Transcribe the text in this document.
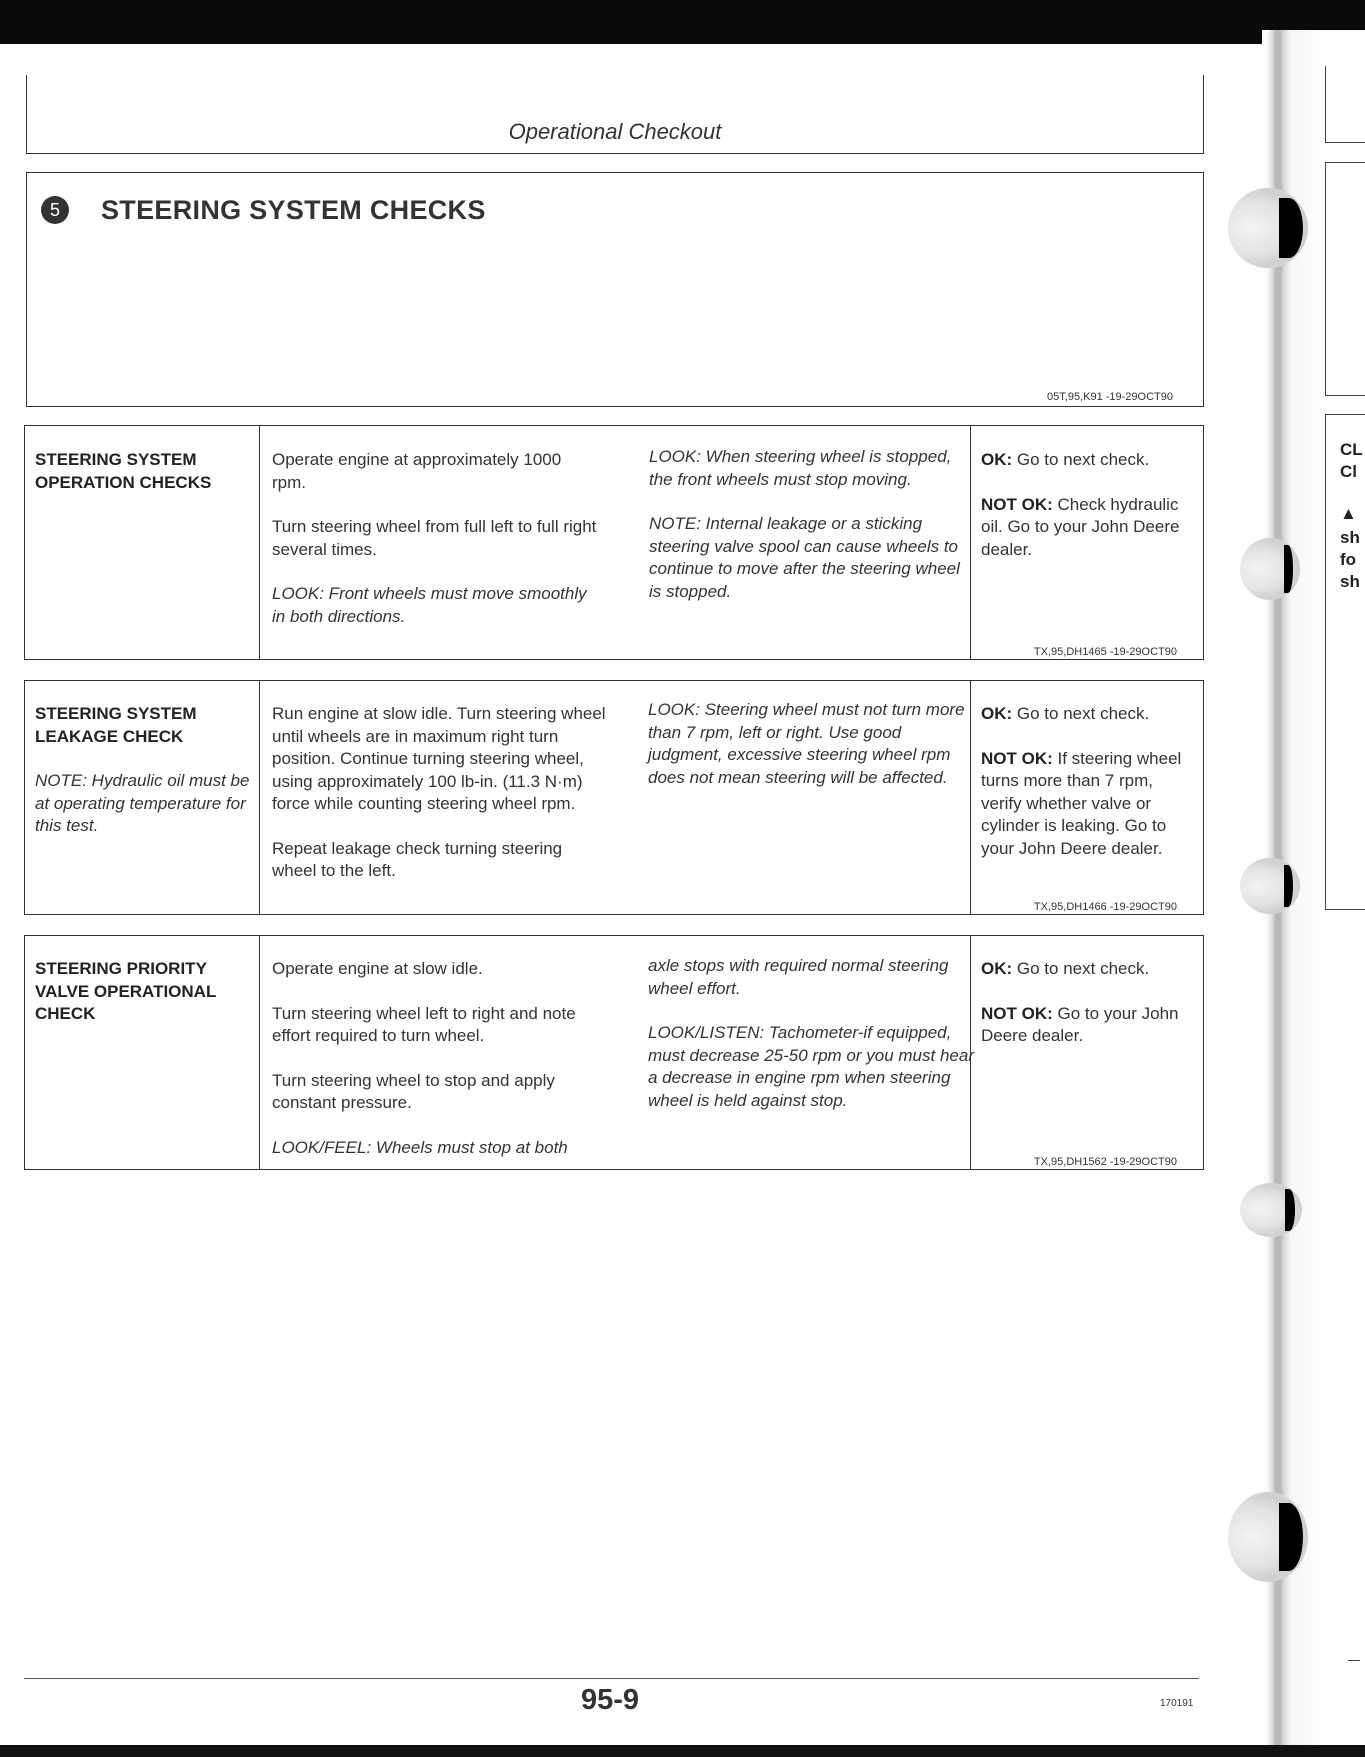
CL
Cl
▲
sh
fo
sh
Operational Checkout
5	STEERING SYSTEM CHECKS
05T,95,K91 -19-29OCT90
STEERING SYSTEM OPERATION CHECKS

Operate engine at approximately 1000 rpm.

Turn steering wheel from full left to full right several times.

LOOK: Front wheels must move smoothly in both directions.

LOOK: When steering wheel is stopped, the front wheels must stop moving.

NOTE: Internal leakage or a sticking steering valve spool can cause wheels to continue to move after the steering wheel is stopped.

OK: Go to next check.

NOT OK: Check hydraulic oil. Go to your John Deere dealer.

TX,95,DH1465 -19-29OCT90

STEERING SYSTEM LEAKAGE CHECK

NOTE: Hydraulic oil must be at operating temperature for this test.

Run engine at slow idle. Turn steering wheel until wheels are in maximum right turn position. Continue turning steering wheel, using approximately 100 lb-in. (11.3 N·m) force while counting steering wheel rpm.

Repeat leakage check turning steering wheel to the left.

LOOK: Steering wheel must not turn more than 7 rpm, left or right. Use good judgment, excessive steering wheel rpm does not mean steering will be affected.

OK: Go to next check.

NOT OK: If steering wheel turns more than 7 rpm, verify whether valve or cylinder is leaking. Go to your John Deere dealer.

TX,95,DH1466 -19-29OCT90
STEERING PRIORITY VALVE OPERATIONAL CHECK

Operate engine at slow idle.

Turn steering wheel left to right and note effort required to turn wheel.

Turn steering wheel to stop and apply constant pressure.

LOOK/FEEL: Wheels must stop at both

axle stops with required normal steering wheel effort.

LOOK/LISTEN: Tachometer-if equipped, must decrease 25-50 rpm or you must hear a decrease in engine rpm when steering wheel is held against stop.

OK: Go to next check.

NOT OK: Go to your John Deere dealer.

TX,95,DH1562 -19-29OCT90
95-9	170191
